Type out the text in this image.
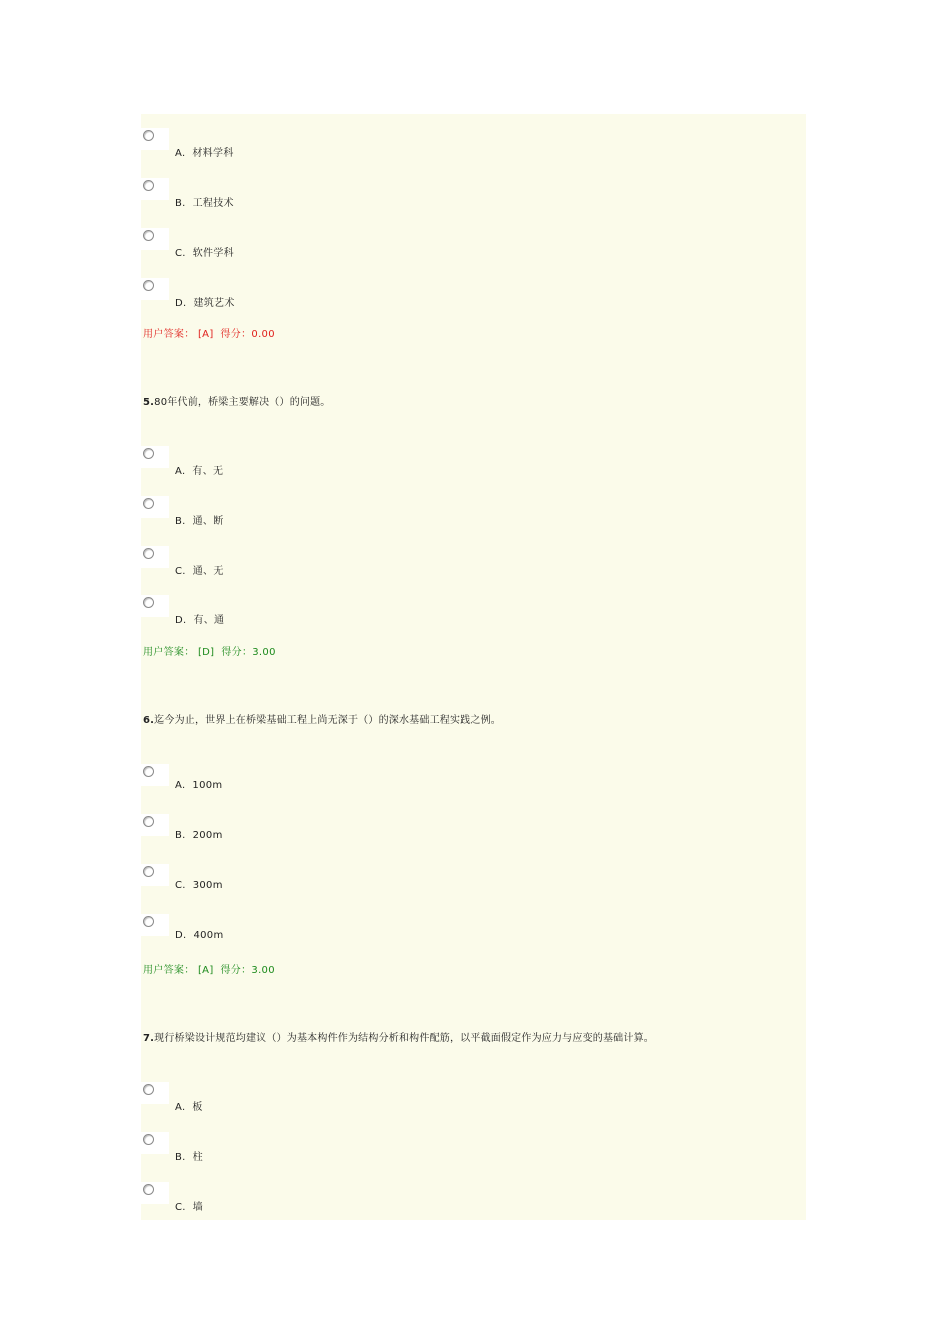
A. 材料学科
B. 工程技术
C. 软件学科
D. 建筑艺术
用户答案： [A] 得分：0.00
5.80年代前，桥梁主要解决（）的问题。
A. 有、无
B. 通、断
C. 通、无
D. 有、通
用户答案： [D] 得分：3.00
6.迄今为止，世界上在桥梁基础工程上尚无深于（）的深水基础工程实践之例。
A. 100m
B. 200m
C. 300m
D. 400m
用户答案： [A] 得分：3.00
7.现行桥梁设计规范均建议（）为基本构件作为结构分析和构件配筋，以平截面假定作为应力与应变的基础计算。
A. 板
B. 柱
C. 墙
